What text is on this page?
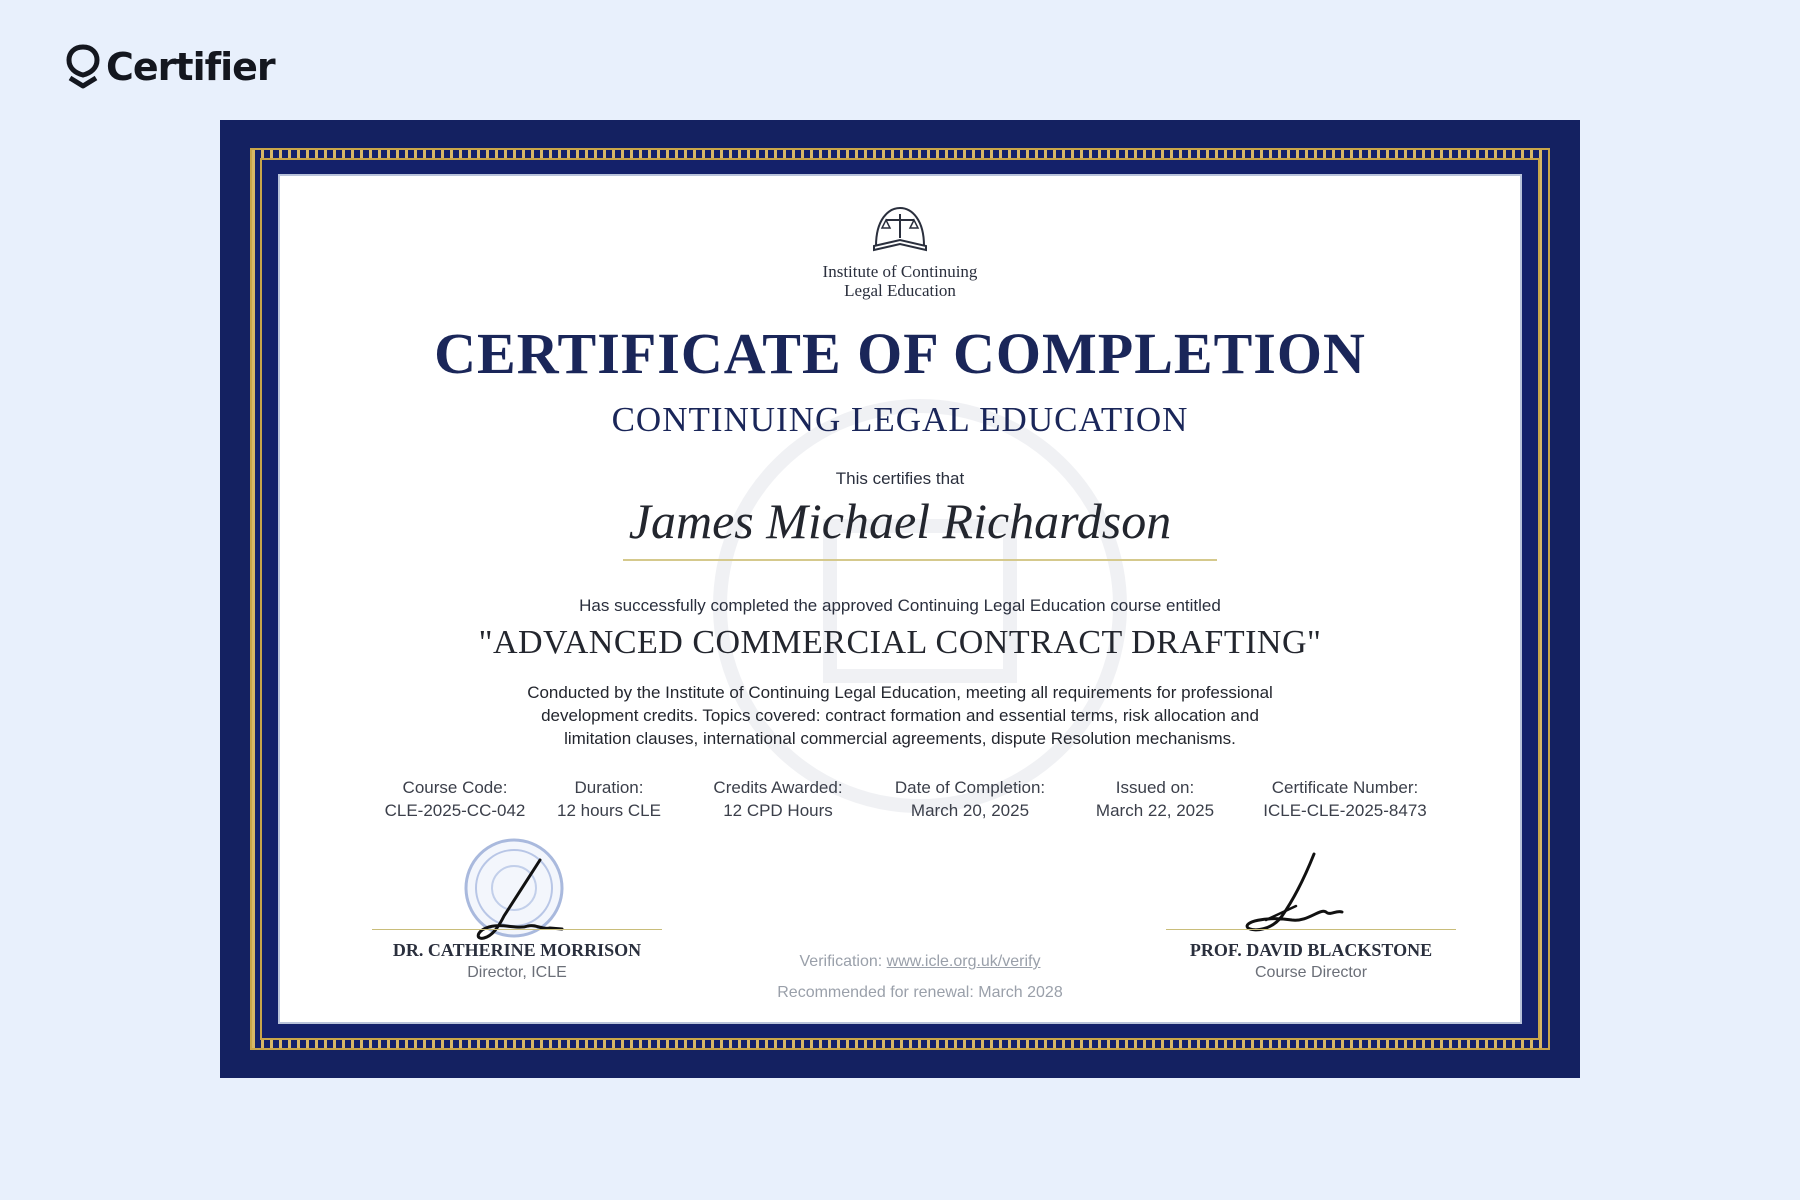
Certifier
Institute of Continuing
Legal Education
CERTIFICATE OF COMPLETION
CONTINUING LEGAL EDUCATION
This certifies that
James Michael Richardson
Has successfully completed the approved Continuing Legal Education course entitled
"ADVANCED COMMERCIAL CONTRACT DRAFTING"
Conducted by the Institute of Continuing Legal Education, meeting all requirements for professional
development credits. Topics covered: contract formation and essential terms, risk allocation and
limitation clauses, international commercial agreements, dispute Resolution mechanisms.
Course Code:
CLE-2025-CC-042
Duration:
12 hours CLE
Credits Awarded:
12 CPD Hours
Date of Completion:
March 20, 2025
Issued on:
March 22, 2025
Certificate Number:
ICLE-CLE-2025-8473
DR. CATHERINE MORRISON
Director, ICLE
Verification: www.icle.org.uk/verify
Recommended for renewal: March 2028
PROF. DAVID BLACKSTONE
Course Director
